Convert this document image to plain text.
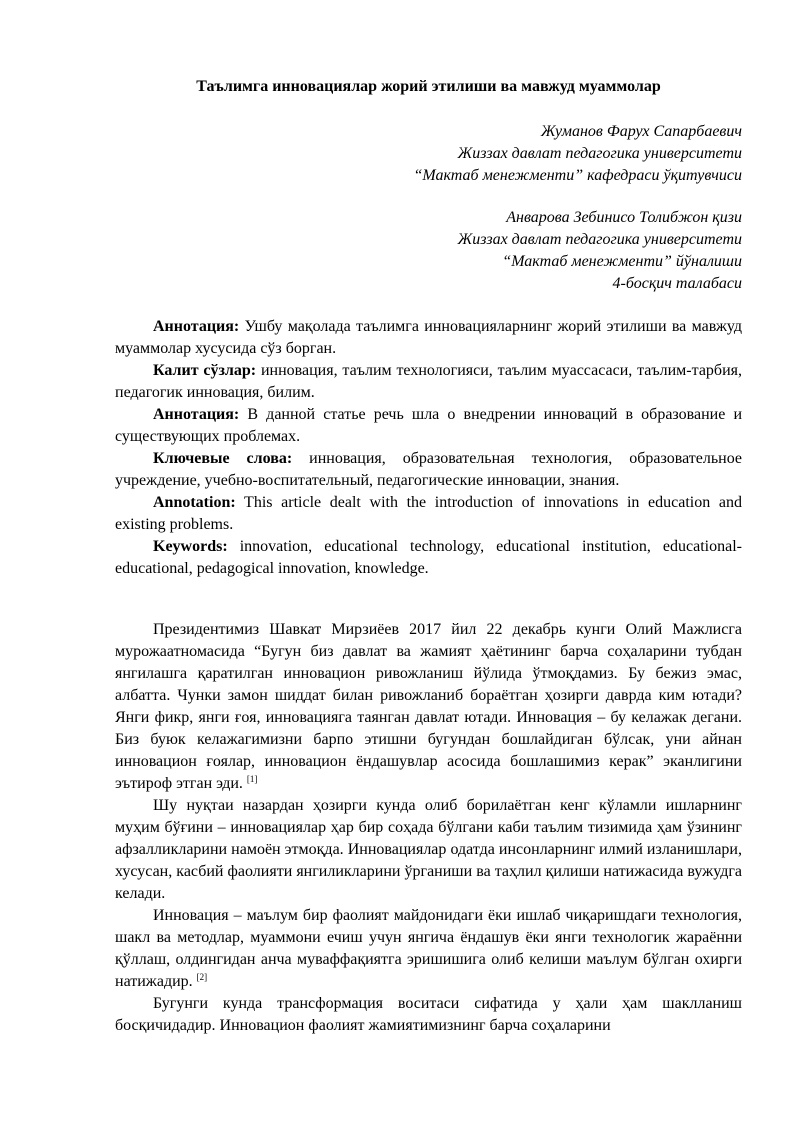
Таълимга инновациялар жорий этилиши ва мавжуд муаммолар
Жуманов Фарух Сапарбаевич
Жиззах давлат педагогика университети
“Мактаб менежменти” кафедраси ўқитувчиси
Анварова Зебинисо Толибжон қизи
Жиззах давлат педагогика университети
“Мактаб менежменти” йўналиши
4-босқич талабаси

Аннотация: Ушбу мақолада таълимга инновацияларнинг жорий этилиши ва мавжуд муаммолар хусусида сўз борган.

Калит сўзлар: инновация, таълим технологияси, таълим муассасаси, таълим-тарбия, педагогик инновация, билим.

Аннотация: В данной статье речь шла о внедрении инноваций в образование и существующих проблемах.

Ключевые слова: инновация, образовательная технология, образовательное учреждение, учебно-воспитательный, педагогические инновации, знания.

Annotation: This article dealt with the introduction of innovations in education and existing problems.

Keywords: innovation, educational technology, educational institution, educational-educational, pedagogical innovation, knowledge.

Президентимиз Шавкат Мирзиёев 2017 йил 22 декабрь кунги Олий Мажлисга мурожаатномасида “Бугун биз давлат ва жамият ҳаётининг барча соҳаларини тубдан янгилашга қаратилган инновацион ривожланиш йўлида ўтмоқдамиз. Бу бежиз эмас, албатта. Чунки замон шиддат билан ривожланиб бораётган ҳозирги даврда ким ютади? Янги фикр, янги ғоя, инновацияга таянган давлат ютади. Инновация – бу келажак дегани. Биз буюк келажагимизни барпо этишни бугундан бошлайдиган бўлсак, уни айнан инновацион ғоялар, инновацион ёндашувлар асосида бошлашимиз керак” эканлигини эътироф этган эди. [1]

Шу нуқтаи назардан ҳозирги кунда олиб борилаётган кенг кўламли ишларнинг муҳим бўғини – инновациялар ҳар бир соҳада бўлгани каби таълим тизимида ҳам ўзининг афзалликларини намоён этмоқда. Инновациялар одатда инсонларнинг илмий изланишлари, хусусан, касбий фаолияти янгиликларини ўрганиши ва таҳлил қилиши натижасида вужудга келади.

Инновация – маълум бир фаолият майдонидаги ёки ишлаб чиқаришдаги технология, шакл ва методлар, муаммони ечиш учун янгича ёндашув ёки янги технологик жараённи қўллаш, олдингидан анча муваффақиятга эришишига олиб келиши маълум бўлган охирги натижадир. [2]

Бугунги кунда трансформация воситаси сифатида у ҳали ҳам шаклланиш босқичидадир. Инновацион фаолият жамиятимизнинг барча соҳаларини
